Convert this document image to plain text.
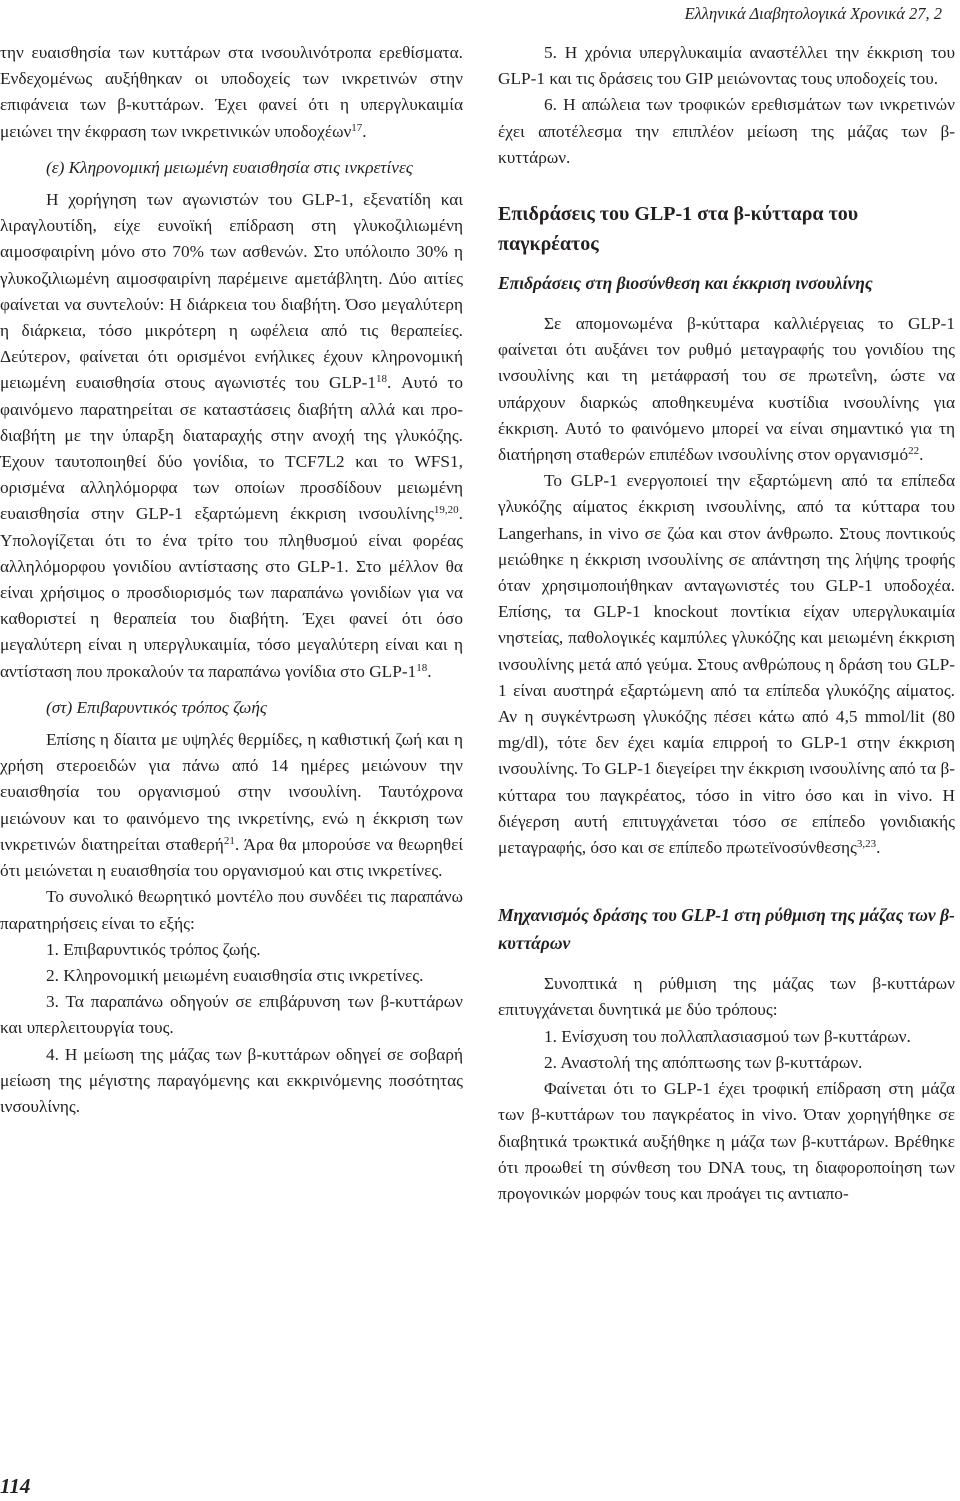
Ελληνικά Διαβητολογικά Χρονικά 27, 2

την ευαισθησία των κυττάρων στα ινσουλινότροπα ερεθίσματα. Ενδεχομένως αυξήθηκαν οι υποδοχείς των ινκρετινών στην επιφάνεια των β-κυττάρων. Έχει φανεί ότι η υπεργλυκαιμία μειώνει την έκφραση των ινκρετινικών υποδοχέων$^{17}$.

(ε) Κληρονομική μειωμένη ευαισθησία στις ινκρετίνες

Η χορήγηση των αγωνιστών του GLP-1, εξενατίδη και λιραγλουτίδη, είχε ευνοϊκή επίδραση στη γλυκοζιλιωμένη αιμοσφαιρίνη μόνο στο 70% των ασθενών. Στο υπόλοιπο 30% η γλυκοζιλιωμένη αιμοσφαιρίνη παρέμεινε αμετάβλητη. Δύο αιτίες φαίνεται να συντελούν: Η διάρκεια του διαβήτη. Όσο μεγαλύτερη η διάρκεια, τόσο μικρότερη η ωφέλεια από τις θεραπείες. Δεύτερον, φαίνεται ότι ορισμένοι ενήλικες έχουν κληρονομική μειωμένη ευαισθησία στους αγωνιστές του GLP-$1^{18}$. Αυτό το φαινόμενο παρατηρείται σε καταστάσεις διαβήτη αλλά και προ-διαβήτη με την ύπαρξη διαταραχής στην ανοχή της γλυκόζης. Έχουν ταυτοποιηθεί δύο γονίδια, το TCF7L2 και το WFS1, ορισμένα αλληλόμορφα των οποίων προσδίδουν μειωμένη ευαισθησία στην GLP-1 εξαρτώμενη έκκριση ινσουλίνης$^{19,20}$. Υπολογίζεται ότι το ένα τρίτο του πληθυσμού είναι φορέας αλληλόμορφου γονιδίου αντίστασης στο GLP-1. Στο μέλλον θα είναι χρήσιμος ο προσδιορισμός των παραπάνω γονιδίων για να καθοριστεί η θεραπεία του διαβήτη. Έχει φανεί ότι όσο μεγαλύτερη είναι η υπεργλυκαιμία, τόσο μεγαλύτερη είναι και η αντίσταση που προκαλούν τα παραπάνω γονίδια στο GLP-$1^{18}$.

(στ) Επιβαρυντικός τρόπος ζωής

Επίσης η δίαιτα με υψηλές θερμίδες, η καθιστική ζωή και η χρήση στεροειδών για πάνω από 14 ημέρες μειώνουν την ευαισθησία του οργανισμού στην ινσουλίνη. Ταυτόχρονα μειώνουν και το φαινόμενο της ινκρετίνης, ενώ η έκκριση των ινκρετινών διατηρείται σταθερή$^{21}$. Άρα θα μπορούσε να θεωρηθεί ότι μειώνεται η ευαισθησία του οργανισμού και στις ινκρετίνες.

Το συνολικό θεωρητικό μοντέλο που συνδέει τις παραπάνω παρατηρήσεις είναι το εξής:

1. Επιβαρυντικός τρόπος ζωής.

2. Κληρονομική μειωμένη ευαισθησία στις ινκρετίνες.

3. Τα παραπάνω οδηγούν σε επιβάρυνση των β-κυττάρων και υπερλειτουργία τους.

4. Η μείωση της μάζας των β-κυττάρων οδηγεί σε σοβαρή μείωση της μέγιστης παραγόμενης και εκκρινόμενης ποσότητας ινσουλίνης.

5. Η χρόνια υπεργλυκαιμία αναστέλλει την έκκριση του GLP-1 και τις δράσεις του GIP μειώνοντας τους υποδοχείς του.

6. Η απώλεια των τροφικών ερεθισμάτων των ινκρετινών έχει αποτέλεσμα την επιπλέον μείωση της μάζας των β-κυττάρων.

Επιδράσεις του GLP-1 στα β-κύτταρα του παγκρέατος
Επιδράσεις στη βιοσύνθεση και έκκριση ινσουλίνης

Σε απομονωμένα β-κύτταρα καλλιέργειας το GLP-1 φαίνεται ότι αυξάνει τον ρυθμό μεταγραφής του γονιδίου της ινσουλίνης και τη μετάφρασή του σε πρωτεΐνη, ώστε να υπάρχουν διαρκώς αποθηκευμένα κυστίδια ινσουλίνης για έκκριση. Αυτό το φαινόμενο μπορεί να είναι σημαντικό για τη διατήρηση σταθερών επιπέδων ινσουλίνης στον οργανισμό$^{22}$.

Το GLP-1 ενεργοποιεί την εξαρτώμενη από τα επίπεδα γλυκόζης αίματος έκκριση ινσουλίνης, από τα κύτταρα του Langerhans, in vivo σε ζώα και στον άνθρωπο. Στους ποντικούς μειώθηκε η έκκριση ινσουλίνης σε απάντηση της λήψης τροφής όταν χρησιμοποιήθηκαν ανταγωνιστές του GLP-1 υποδοχέα. Επίσης, τα GLP-1 knockout ποντίκια είχαν υπεργλυκαιμία νηστείας, παθολογικές καμπύλες γλυκόζης και μειωμένη έκκριση ινσουλίνης μετά από γεύμα. Στους ανθρώπους η δράση του GLP-1 είναι αυστηρά εξαρτώμενη από τα επίπεδα γλυκόζης αίματος. Αν η συγκέντρωση γλυκόζης πέσει κάτω από 4,5 mmol/lit (80 mg/dl), τότε δεν έχει καμία επιρροή το GLP-1 στην έκκριση ινσουλίνης. Το GLP-1 διεγείρει την έκκριση ινσουλίνης από τα β-κύτταρα του παγκρέατος, τόσο in vitro όσο και in vivo. Η διέγερση αυτή επιτυγχάνεται τόσο σε επίπεδο γονιδιακής μεταγραφής, όσο και σε επίπεδο πρωτεϊνοσύνθεσης$^{3,23}$.

Μηχανισμός δράσης του GLP-1 στη ρύθμιση της μάζας των β-κυττάρων

Συνοπτικά η ρύθμιση της μάζας των β-κυττάρων επιτυγχάνεται δυνητικά με δύο τρόπους:

1. Ενίσχυση του πολλαπλασιασμού των β-κυττάρων.

2. Αναστολή της απόπτωσης των β-κυττάρων.

Φαίνεται ότι το GLP-1 έχει τροφική επίδραση στη μάζα των β-κυττάρων του παγκρέατος in vivo. Όταν χορηγήθηκε σε διαβητικά τρωκτικά αυξήθηκε η μάζα των β-κυττάρων. Βρέθηκε ότι προωθεί τη σύνθεση του DNA τους, τη διαφοροποίηση των προγονικών μορφών τους και προάγει τις αντιαπο-

114
